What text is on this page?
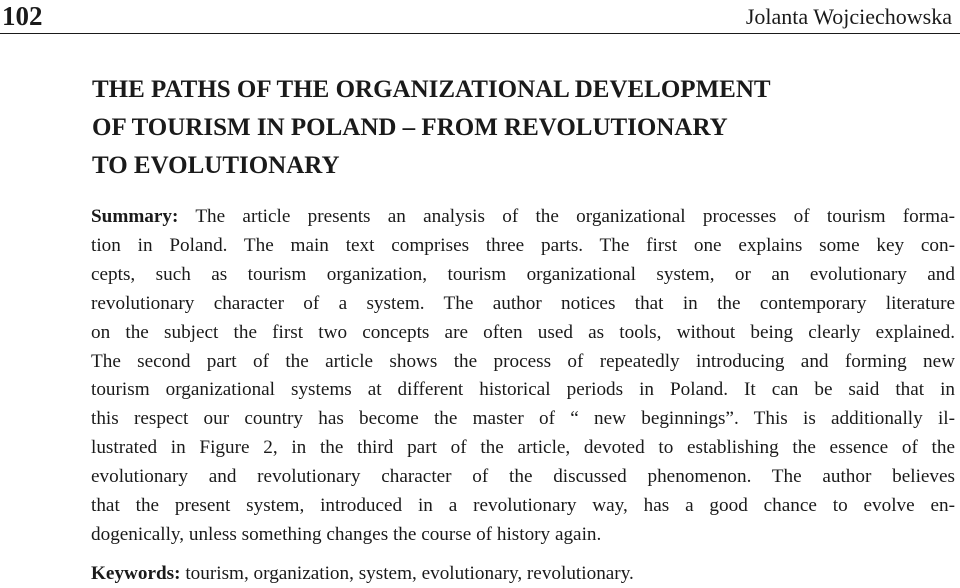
102	Jolanta Wojciechowska
THE PATHS OF THE ORGANIZATIONAL DEVELOPMENT
OF TOURISM IN POLAND – FROM REVOLUTIONARY
TO EVOLUTIONARY
Summary: The article presents an analysis of the organizational processes of tourism forma-
tion in Poland. The main text comprises three parts. The first one explains some key con-
cepts, such as tourism organization, tourism organizational system, or an evolutionary and
revolutionary character of a system. The author notices that in the contemporary literature
on the subject the first two concepts are often used as tools, without being clearly explained.
The second part of the article shows the process of repeatedly introducing and forming new
tourism organizational systems at different historical periods in Poland. It can be said that in
this respect our country has become the master of “ new beginnings”. This is additionally il-
lustrated in Figure 2, in the third part of the article, devoted to establishing the essence of the
evolutionary and revolutionary character of the discussed phenomenon. The author believes
that the present system, introduced in a revolutionary way, has a good chance to evolve en-
dogenically, unless something changes the course of history again.
Keywords: tourism, organization, system, evolutionary, revolutionary.
